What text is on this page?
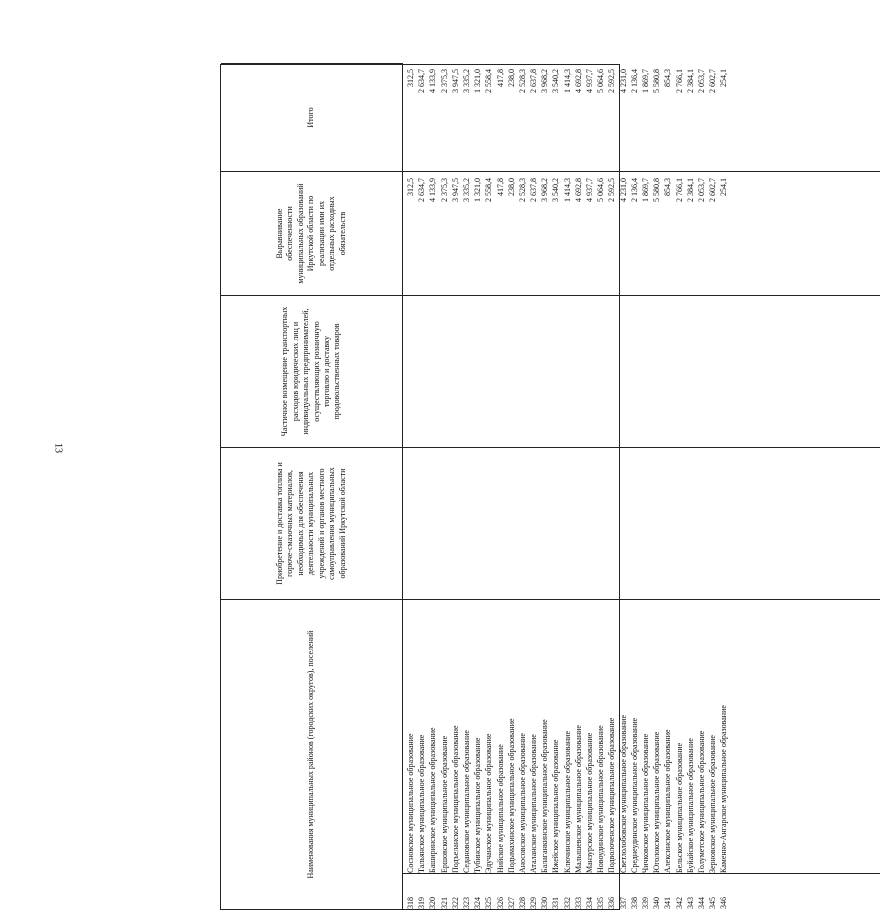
13
Наименования муниципальных районов (городских округов), поселений
Приобретение и доставка топлива и горюче-смазочных материалов, необходимых для обеспечения деятельности муниципальных учреждений и органов местного самоуправления муниципальных образований Иркутской области
Частичное возмещение транспортных расходов юридических лиц и индивидуальных предпринимателей, осуществляющих розничную торговлю и доставку продовольственных товаров
Выравнивание обеспеченности муниципальных образований Иркутской области по реализации ими их отдельных расходных обязательств
Итого
318 319 320 321 322 323 324 325 326 327 328 329 330 331 332 333 334 335 336 337 338 339 340 341 342 343 344 345 346
Сосновское муниципальное образование Тальянское муниципальное образование Баширинское муниципальное образование Ершовское муниципальное образование Подъеланское муниципальное образование Седановское муниципальное образование Тубинское муниципальное образование Эдучанское муниципальное образование Нийское муниципальное образование Подымахинское муниципальное образование Аносовское муниципальное образование Аталанское муниципальное образование Балаганкинское муниципальное образование Ижейское муниципальное образование Ключинское муниципальное образование Малышевское муниципальное образование Манзурское муниципальное образование Новоудинское муниципальное образование Подволоченское муниципальное образование Светлолобовское муниципальное образование Среднеудинское муниципальное образование Чичковское муниципальное образование Юголокское муниципальное образование Алексинское муниципальное образование Бельское муниципальное образование Буйайское муниципальное образование Голуметское муниципальное образование Зерновское муниципальное образование Каменно-Ангарское муниципальное образование
312,5 2 634,7 4 133,9 2 375,3 3 947,5 3 335,2 1 321,0 2 558,4 417,8 238,0 2 528,3 2 637,8 3 968,2 3 540,2 1 414,3 4 692,8 4 937,7 5 064,6 2 592,5 4 231,0 2 136,4 1 869,7 5 580,8 854,3 2 766,1 2 384,1 2 053,7 2 602,7 254,1
312,5 2 634,7 4 133,9 2 375,3 3 947,5 3 335,2 1 321,0 2 558,4 417,8 238,0 2 528,3 2 637,8 3 968,2 3 540,2 1 414,3 4 692,8 4 937,7 5 064,6 2 592,5 4 231,0 2 136,4 1 869,7 5 580,8 854,3 2 766,1 2 384,1 2 053,7 2 602,7 254,1
